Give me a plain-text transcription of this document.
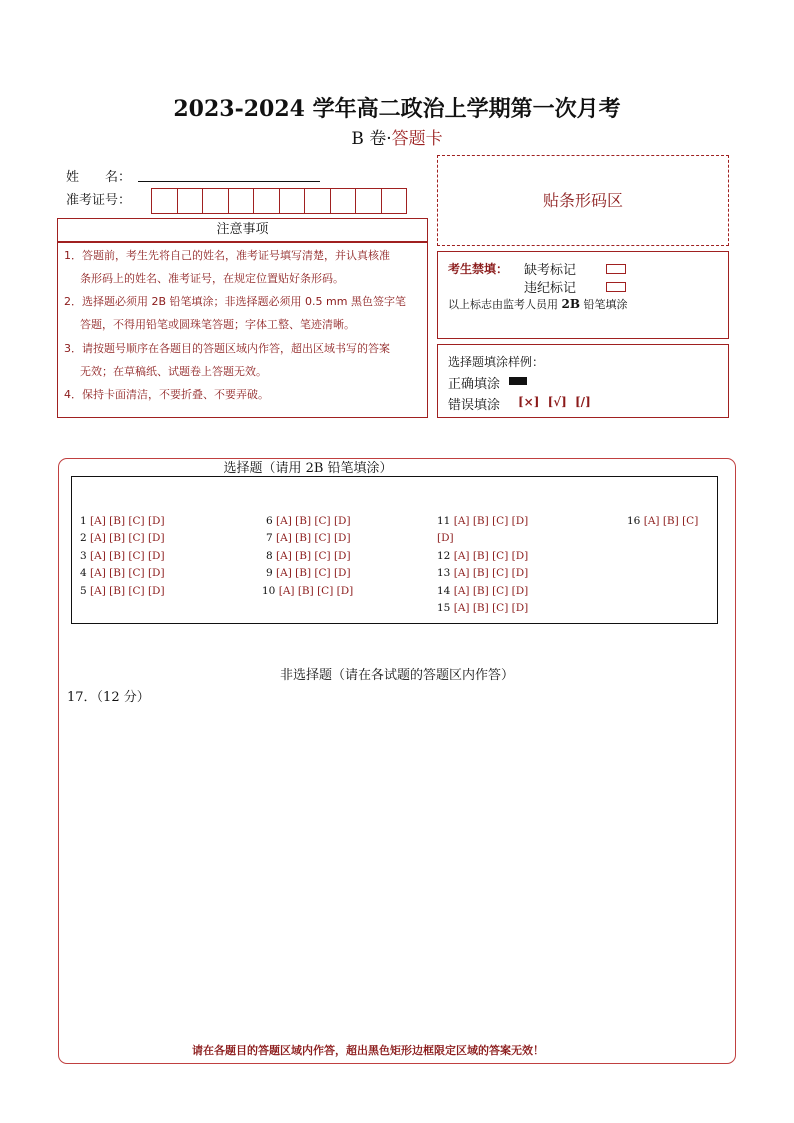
2023-2024 学年高二政治上学期第一次月考
B 卷·答题卡
姓　　名：
准考证号：
注意事项
1．答题前，考生先将自己的姓名，准考证号填写清楚，并认真核准
条形码上的姓名、准考证号，在规定位置贴好条形码。
2．选择题必须用 2B 铅笔填涂；非选择题必须用 0.5 mm 黑色签字笔
答题，不得用铅笔或圆珠笔答题；字体工整、笔迹清晰。
3．请按题号顺序在各题目的答题区域内作答，超出区域书写的答案
无效；在草稿纸、试题卷上答题无效。
4．保持卡面清洁，不要折叠、不要弄破。
贴条形码区
考生禁填： 缺考标记
违纪标记
以上标志由监考人员用 2B 铅笔填涂
选择题填涂样例：
正确填涂
错误填涂 [×] [√] [/]
选择题（请用 2B 铅笔填涂）
1 [A] [B] [C] [D]
2 [A] [B] [C] [D]
3 [A] [B] [C] [D]
4 [A] [B] [C] [D]
5 [A] [B] [C] [D]
6 [A] [B] [C] [D]
7 [A] [B] [C] [D]
8 [A] [B] [C] [D]
9 [A] [B] [C] [D]
10 [A] [B] [C] [D]
11 [A] [B] [C] [D]
[D]
12 [A] [B] [C] [D]
13 [A] [B] [C] [D]
14 [A] [B] [C] [D]
15 [A] [B] [C] [D]
16 [A] [B] [C]
非选择题（请在各试题的答题区内作答）
17．（12 分）
请在各题目的答题区域内作答，超出黑色矩形边框限定区域的答案无效！
